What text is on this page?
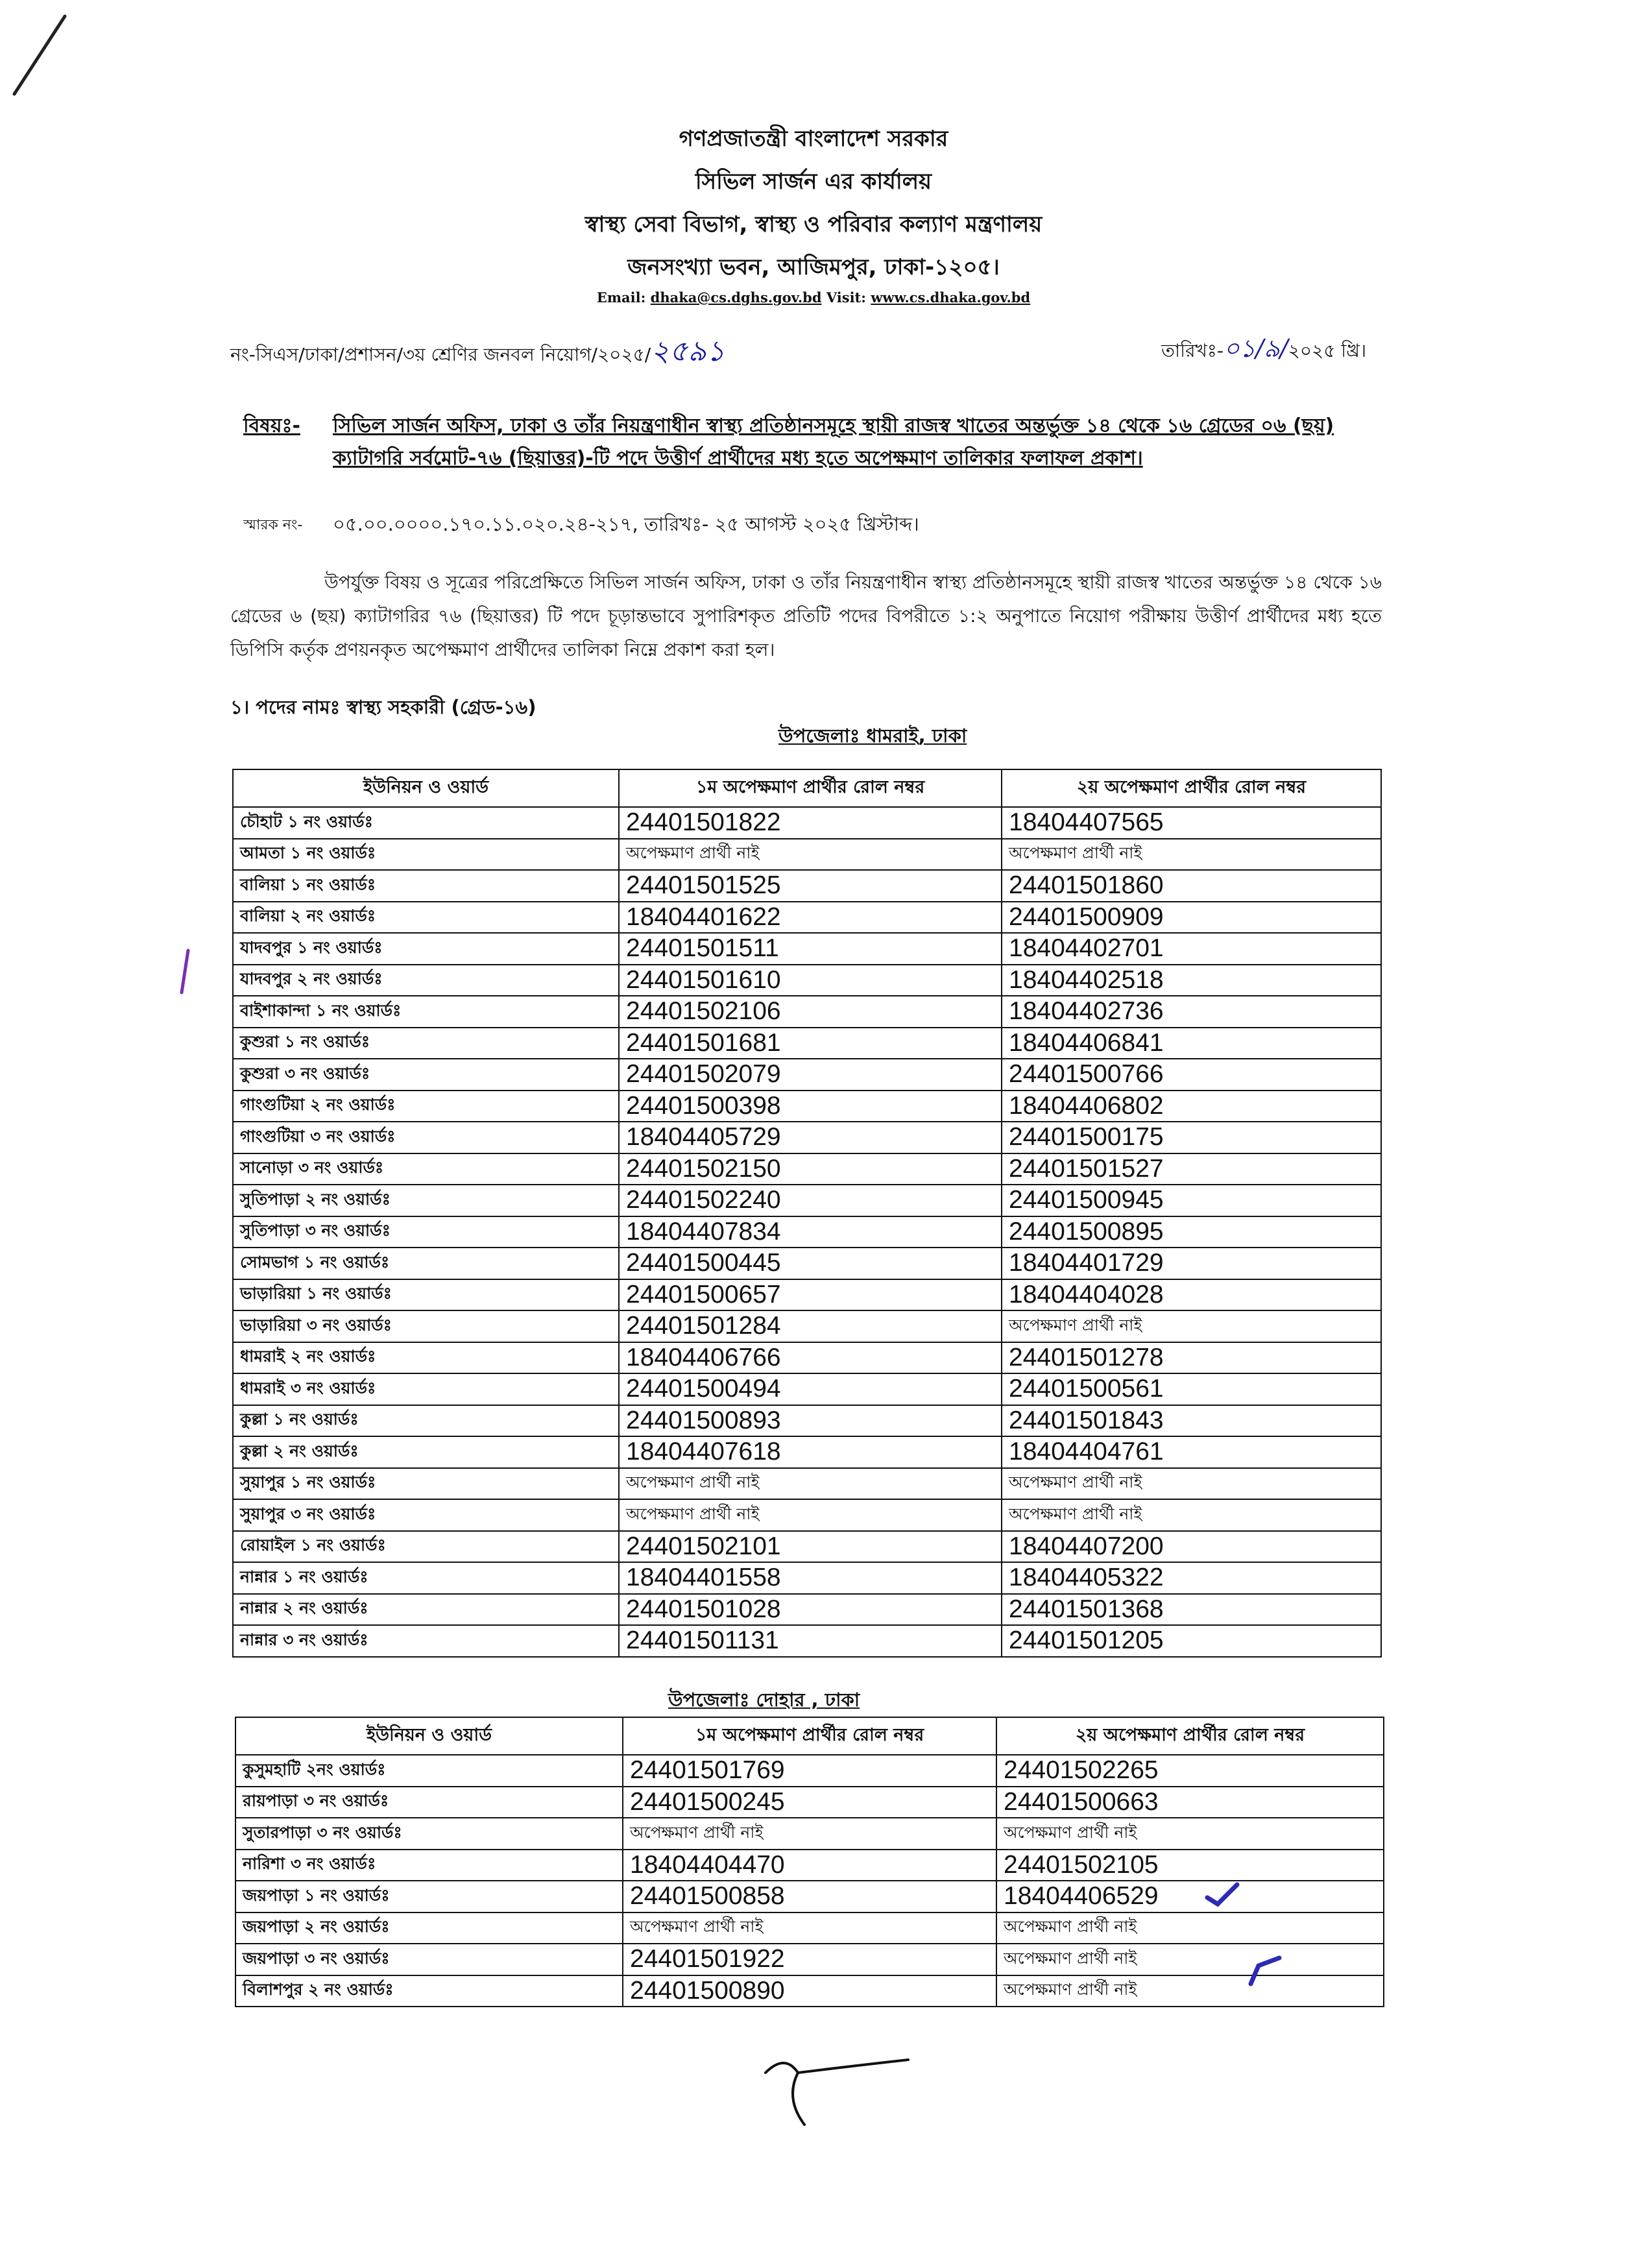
গণপ্রজাতন্ত্রী বাংলাদেশ সরকার
সিভিল সার্জন এর কার্যালয়
স্বাস্থ্য সেবা বিভাগ, স্বাস্থ্য ও পরিবার কল্যাণ মন্ত্রণালয়
জনসংখ্যা ভবন, আজিমপুর, ঢাকা-১২০৫।
Email: dhaka@cs.dghs.gov.bd Visit: www.cs.dhaka.gov.bd
নং-সিএস/ঢাকা/প্রশাসন/৩য় শ্রেণির জনবল নিয়োগ/২০২৫/২৫৯১	তারিখঃ-০১/৯/২০২৫ খ্রি।
বিষয়ঃ- সিভিল সার্জন অফিস, ঢাকা ও তাঁর নিয়ন্ত্রণাধীন স্বাস্থ্য প্রতিষ্ঠানসমূহে স্থায়ী রাজস্ব খাতের অন্তর্ভুক্ত ১৪ থেকে ১৬ গ্রেডের ০৬ (ছয়) ক্যাটাগরি সর্বমোট-৭৬ (ছিয়াত্তর)-টি পদে উত্তীর্ণ প্রার্থীদের মধ্য হতে অপেক্ষমাণ তালিকার ফলাফল প্রকাশ।
স্মারক নং- ০৫.০০.০০০০.১৭০.১১.০২০.২৪-২১৭, তারিখঃ- ২৫ আগস্ট ২০২৫ খ্রিস্টাব্দ।
উপর্যুক্ত বিষয় ও সূত্রের পরিপ্রেক্ষিতে সিভিল সার্জন অফিস, ঢাকা ও তাঁর নিয়ন্ত্রণাধীন স্বাস্থ্য প্রতিষ্ঠানসমূহে স্থায়ী রাজস্ব খাতের অন্তর্ভুক্ত ১৪ থেকে ১৬ গ্রেডের ৬ (ছয়) ক্যাটাগরির ৭৬ (ছিয়াত্তর) টি পদে চূড়ান্তভাবে সুপারিশকৃত প্রতিটি পদের বিপরীতে ১:২ অনুপাতে নিয়োগ পরীক্ষায় উত্তীর্ণ প্রার্থীদের মধ্য হতে ডিপিসি কর্তৃক প্রণয়নকৃত অপেক্ষমাণ প্রার্থীদের তালিকা নিম্নে প্রকাশ করা হল।
১। পদের নামঃ স্বাস্থ্য সহকারী (গ্রেড-১৬)
উপজেলাঃ ধামরাই, ঢাকা
ইউনিয়ন ও ওয়ার্ড	১ম অপেক্ষমাণ প্রার্থীর রোল নম্বর	২য় অপেক্ষমাণ প্রার্থীর রোল নম্বর
চৌহাট ১ নং ওয়ার্ডঃ	24401501822	18404407565
আমতা ১ নং ওয়ার্ডঃ	অপেক্ষমাণ প্রার্থী নাই	অপেক্ষমাণ প্রার্থী নাই
বালিয়া ১ নং ওয়ার্ডঃ	24401501525	24401501860
বালিয়া ২ নং ওয়ার্ডঃ	18404401622	24401500909
যাদবপুর ১ নং ওয়ার্ডঃ	24401501511	18404402701
যাদবপুর ২ নং ওয়ার্ডঃ	24401501610	18404402518
বাইশাকান্দা ১ নং ওয়ার্ডঃ	24401502106	18404402736
কুশুরা ১ নং ওয়ার্ডঃ	24401501681	18404406841
কুশুরা ৩ নং ওয়ার্ডঃ	24401502079	24401500766
গাংগুটিয়া ২ নং ওয়ার্ডঃ	24401500398	18404406802
গাংগুটিয়া ৩ নং ওয়ার্ডঃ	18404405729	24401500175
সানোড়া ৩ নং ওয়ার্ডঃ	24401502150	24401501527
সুতিপাড়া ২ নং ওয়ার্ডঃ	24401502240	24401500945
সুতিপাড়া ৩ নং ওয়ার্ডঃ	18404407834	24401500895
সোমভাগ ১ নং ওয়ার্ডঃ	24401500445	18404401729
ভাড়ারিয়া ১ নং ওয়ার্ডঃ	24401500657	18404404028
ভাড়ারিয়া ৩ নং ওয়ার্ডঃ	24401501284	অপেক্ষমাণ প্রার্থী নাই
ধামরাই ২ নং ওয়ার্ডঃ	18404406766	24401501278
ধামরাই ৩ নং ওয়ার্ডঃ	24401500494	24401500561
কুল্লা ১ নং ওয়ার্ডঃ	24401500893	24401501843
কুল্লা ২ নং ওয়ার্ডঃ	18404407618	18404404761
সুয়াপুর ১ নং ওয়ার্ডঃ	অপেক্ষমাণ প্রার্থী নাই	অপেক্ষমাণ প্রার্থী নাই
সুয়াপুর ৩ নং ওয়ার্ডঃ	অপেক্ষমাণ প্রার্থী নাই	অপেক্ষমাণ প্রার্থী নাই
রোয়াইল ১ নং ওয়ার্ডঃ	24401502101	18404407200
নান্নার ১ নং ওয়ার্ডঃ	18404401558	18404405322
নান্নার ২ নং ওয়ার্ডঃ	24401501028	24401501368
নান্নার ৩ নং ওয়ার্ডঃ	24401501131	24401501205
উপজেলাঃ দোহার , ঢাকা
ইউনিয়ন ও ওয়ার্ড	১ম অপেক্ষমাণ প্রার্থীর রোল নম্বর	২য় অপেক্ষমাণ প্রার্থীর রোল নম্বর
কুসুমহাটি ২নং ওয়ার্ডঃ	24401501769	24401502265
রায়পাড়া ৩ নং ওয়ার্ডঃ	24401500245	24401500663
সুতারপাড়া ৩ নং ওয়ার্ডঃ	অপেক্ষমাণ প্রার্থী নাই	অপেক্ষমাণ প্রার্থী নাই
নারিশা ৩ নং ওয়ার্ডঃ	18404404470	24401502105
জয়পাড়া ১ নং ওয়ার্ডঃ	24401500858	18404406529
জয়পাড়া ২ নং ওয়ার্ডঃ	অপেক্ষমাণ প্রার্থী নাই	অপেক্ষমাণ প্রার্থী নাই
জয়পাড়া ৩ নং ওয়ার্ডঃ	24401501922	অপেক্ষমাণ প্রার্থী নাই
বিলাশপুর ২ নং ওয়ার্ডঃ	24401500890	অপেক্ষমাণ প্রার্থী নাই
